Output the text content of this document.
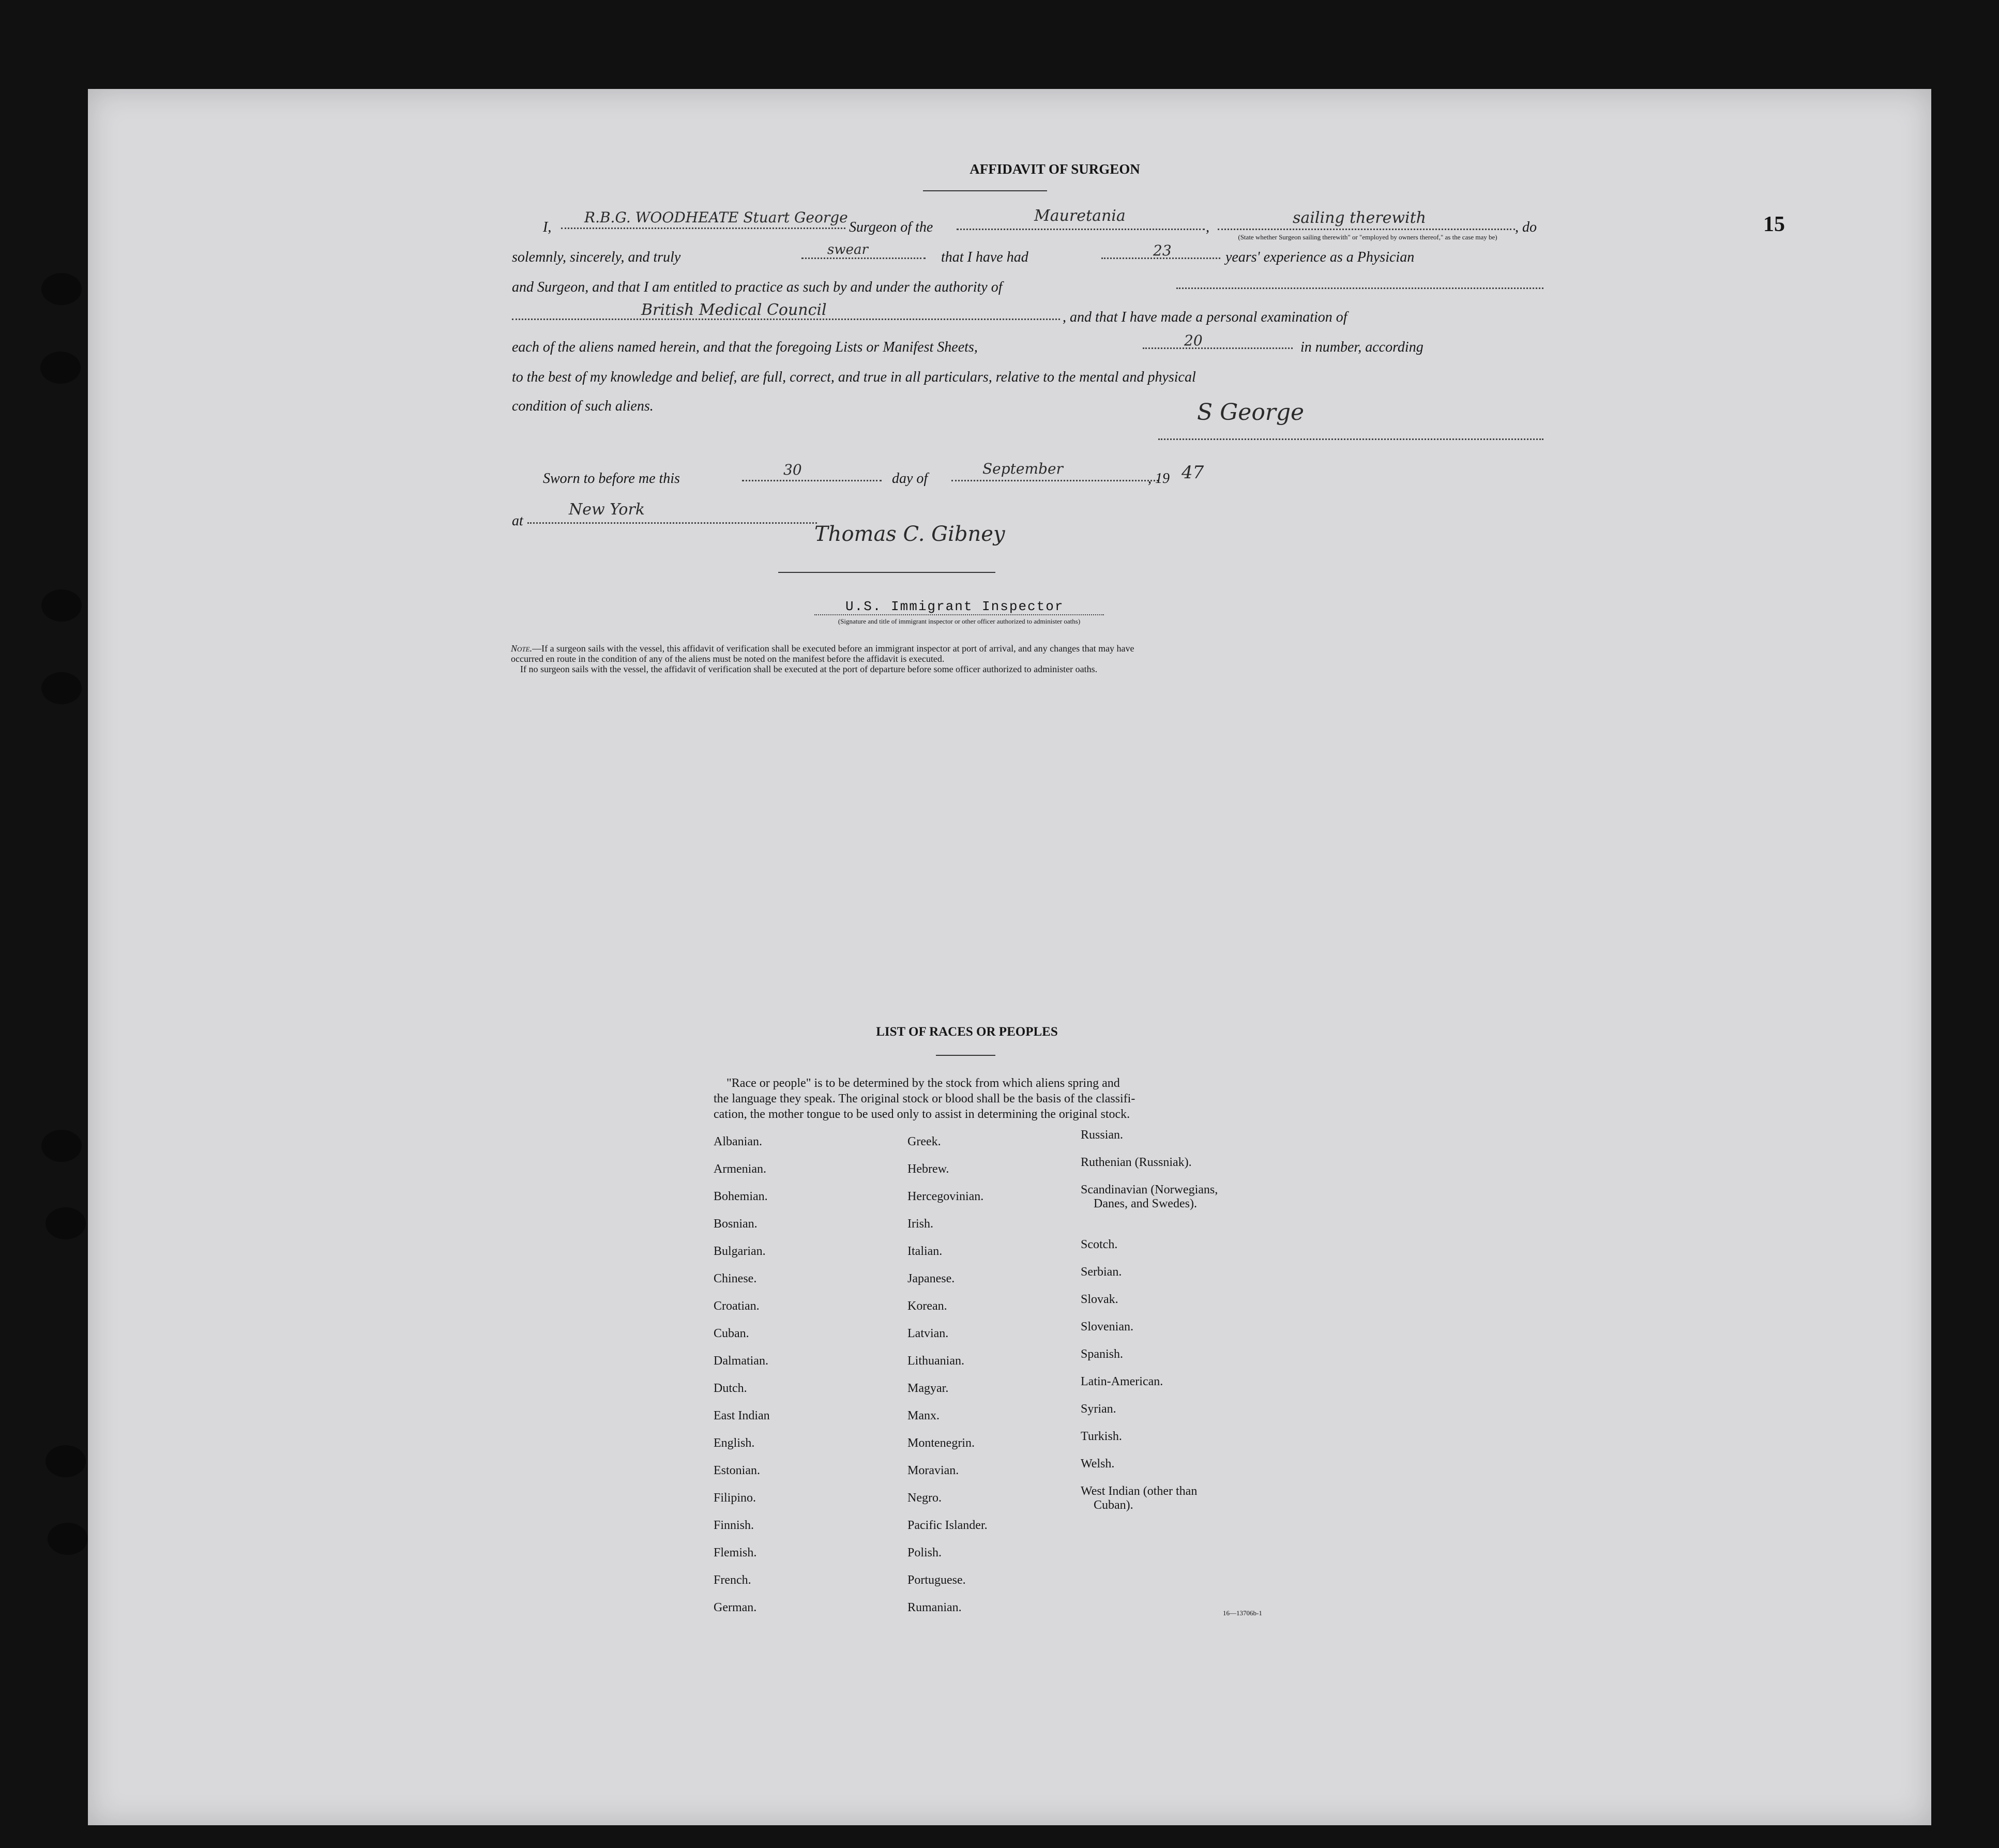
15
AFFIDAVIT OF SURGEON
I,
R.B.G. WOODHEATE Stuart George
Surgeon of the
Mauretania
,
sailing therewith
, do
(State whether Surgeon sailing therewith" or "employed by owners thereof," as the case may be)
solemnly, sincerely, and truly	swear	that I have had	23	years' experience as a Physician
and Surgeon, and that I am entitled to practice as such by and under the authority of
British Medical Council	, and that I have made a personal examination of
each of the aliens named herein, and that the foregoing Lists or Manifest Sheets,	20	in number, according
to the best of my knowledge and belief, are full, correct, and true in all particulars, relative to the mental and physical
condition of such aliens.	S George
Sworn to before me this
30
day of
September
, 19 47
at
New York
Thomas C. Gibney
U.S. Immigrant Inspector
(Signature and title of immigrant inspector or other officer authorized to administer oaths)
Note.—If a surgeon sails with the vessel, this affidavit of verification shall be executed before an immigrant inspector at port of arrival, and any changes that may have
occurred en route in the condition of any of the aliens must be noted on the manifest before the affidavit is executed.
If no surgeon sails with the vessel, the affidavit of verification shall be executed at the port of departure before some officer authorized to administer oaths.
LIST OF RACES OR PEOPLES
"Race or people" is to be determined by the stock from which aliens spring and
the language they speak. The original stock or blood shall be the basis of the classifi-
cation, the mother tongue to be used only to assist in determining the original stock.
Albanian.
Armenian.
Bohemian.
Bosnian.
Bulgarian.
Chinese.
Croatian.
Cuban.
Dalmatian.
Dutch.
East Indian
English.
Estonian.
Filipino.
Finnish.
Flemish.
French.
German.
Greek.
Hebrew.
Hercegovinian.
Irish.
Italian.
Japanese.
Korean.
Latvian.
Lithuanian.
Magyar.
Manx.
Montenegrin.
Moravian.
Negro.
Pacific Islander.
Polish.
Portuguese.
Rumanian.
Russian.
Ruthenian (Russniak).
Scandinavian (Norwegians,
Danes, and Swedes).
Scotch.
Serbian.
Slovak.
Slovenian.
Spanish.
Latin-American.
Syrian.
Turkish.
Welsh.
West Indian (other than
Cuban).
16—13706b-1
